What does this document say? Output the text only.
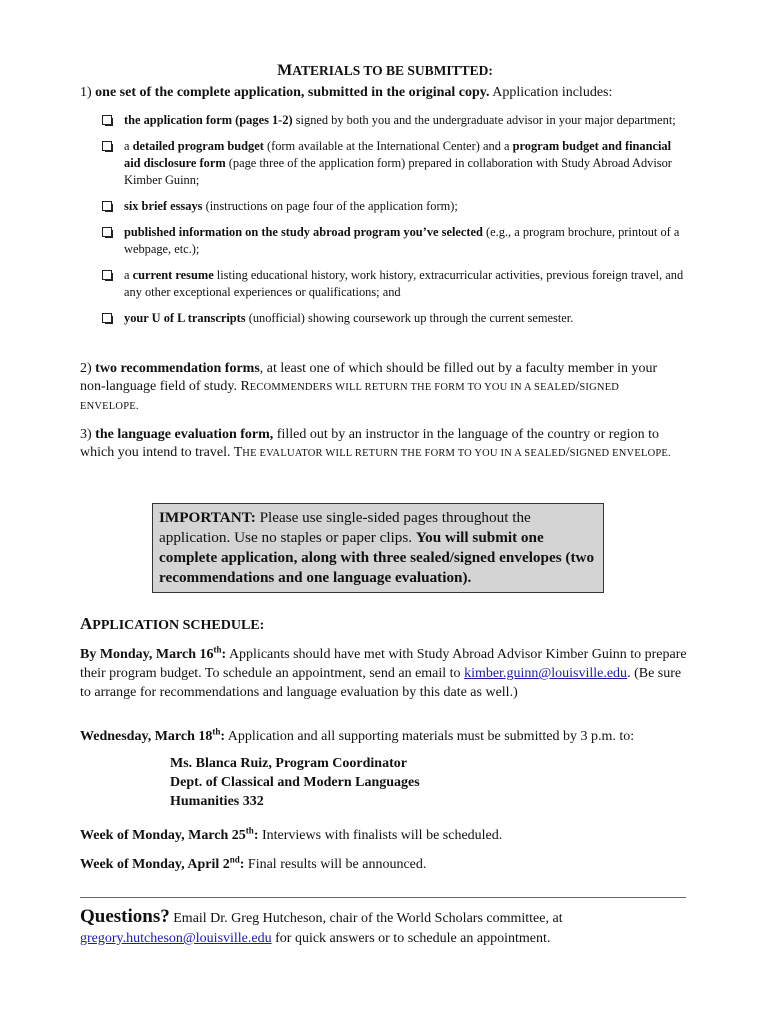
MATERIALS TO BE SUBMITTED:
1) one set of the complete application, submitted in the original copy. Application includes:
the application form (pages 1-2) signed by both you and the undergraduate advisor in your major department;
a detailed program budget (form available at the International Center) and a program budget and financial aid disclosure form (page three of the application form) prepared in collaboration with Study Abroad Advisor Kimber Guinn;
six brief essays (instructions on page four of the application form);
published information on the study abroad program you’ve selected (e.g., a program brochure, printout of a webpage, etc.);
a current resume listing educational history, work history, extracurricular activities, previous foreign travel, and any other exceptional experiences or qualifications; and
your U of L transcripts (unofficial) showing coursework up through the current semester.
2) two recommendation forms, at least one of which should be filled out by a faculty member in your non-language field of study. RECOMMENDERS WILL RETURN THE FORM TO YOU IN A SEALED/SIGNED ENVELOPE.
3) the language evaluation form, filled out by an instructor in the language of the country or region to which you intend to travel. THE EVALUATOR WILL RETURN THE FORM TO YOU IN A SEALED/SIGNED ENVELOPE.
IMPORTANT: Please use single-sided pages throughout the application. Use no staples or paper clips. You will submit one complete application, along with three sealed/signed envelopes (two recommendations and one language evaluation).
APPLICATION SCHEDULE:
By Monday, March 16th: Applicants should have met with Study Abroad Advisor Kimber Guinn to prepare their program budget. To schedule an appointment, send an email to kimber.guinn@louisville.edu. (Be sure to arrange for recommendations and language evaluation by this date as well.)
Wednesday, March 18th: Application and all supporting materials must be submitted by 3 p.m. to:
Ms. Blanca Ruiz, Program Coordinator
Dept. of Classical and Modern Languages
Humanities 332
Week of Monday, March 25th: Interviews with finalists will be scheduled.
Week of Monday, April 2nd: Final results will be announced.
Questions? Email Dr. Greg Hutcheson, chair of the World Scholars committee, at gregory.hutcheson@louisville.edu for quick answers or to schedule an appointment.
